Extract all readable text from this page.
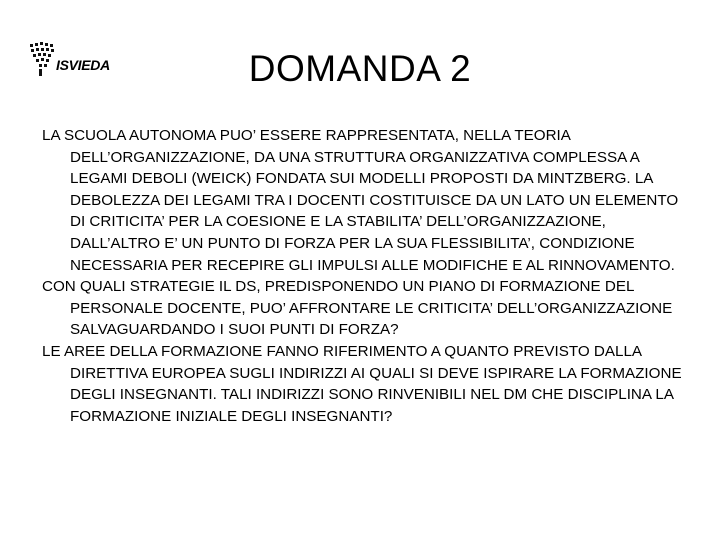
ISVIEDA	DOMANDA 2

LA SCUOLA AUTONOMA PUO’ ESSERE RAPPRESENTATA, NELLA TEORIA DELL’ORGANIZZAZIONE, DA UNA STRUTTURA ORGANIZZATIVA COMPLESSA A LEGAMI DEBOLI (WEICK) FONDATA SUI MODELLI PROPOSTI DA MINTZBERG. LA DEBOLEZZA DEI LEGAMI TRA I DOCENTI COSTITUISCE DA UN LATO UN ELEMENTO DI CRITICITA’ PER LA COESIONE E LA STABILITA’ DELL’ORGANIZZAZIONE, DALL’ALTRO E’ UN PUNTO DI FORZA PER LA SUA FLESSIBILITA’, CONDIZIONE NECESSARIA PER RECEPIRE GLI IMPULSI ALLE MODIFICHE E AL RINNOVAMENTO.

CON QUALI STRATEGIE IL DS, PREDISPONENDO UN PIANO DI FORMAZIONE DEL PERSONALE DOCENTE, PUO’ AFFRONTARE LE CRITICITA’ DELL’ORGANIZZAZIONE SALVAGUARDANDO I SUOI PUNTI DI FORZA?

LE AREE DELLA FORMAZIONE FANNO RIFERIMENTO A QUANTO PREVISTO DALLA DIRETTIVA EUROPEA SUGLI INDIRIZZI AI QUALI SI DEVE ISPIRARE LA FORMAZIONE DEGLI INSEGNANTI. TALI INDIRIZZI SONO RINVENIBILI NEL DM CHE DISCIPLINA LA FORMAZIONE INIZIALE DEGLI INSEGNANTI?
